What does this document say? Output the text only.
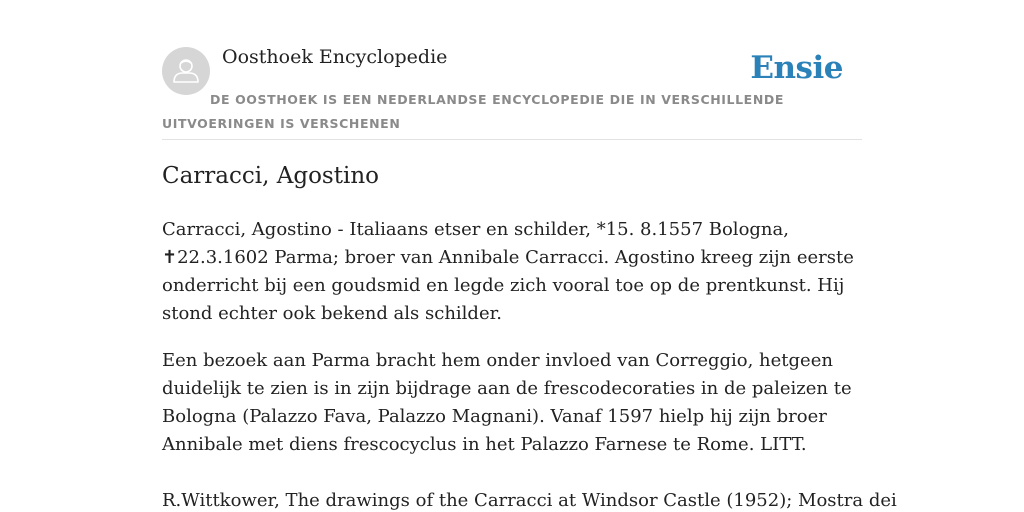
Oosthoek Encyclopedie	Ensie
DE OOSTHOEK IS EEN NEDERLANDSE ENCYCLOPEDIE DIE IN VERSCHILLENDE UITVOERINGEN IS VERSCHENEN
Carracci, Agostino

Carracci, Agostino - Italiaans etser en schilder, *15. 8.1557 Bologna, ✝22.3.1602 Parma; broer van Annibale Carracci. Agostino kreeg zijn eerste onderricht bij een goudsmid en legde zich vooral toe op de prentkunst. Hij stond echter ook bekend als schilder.

Een bezoek aan Parma bracht hem onder invloed van Correggio, hetgeen duidelijk te zien is in zijn bijdrage aan de frescodecoraties in de paleizen te Bologna (Palazzo Fava, Palazzo Magnani). Vanaf 1597 hielp hij zijn broer Annibale met diens frescocyclus in het Palazzo Farnese te Rome. LITT.

R.Wittkower, The drawings of the Carracci at Windsor Castle (1952); Mostra dei
